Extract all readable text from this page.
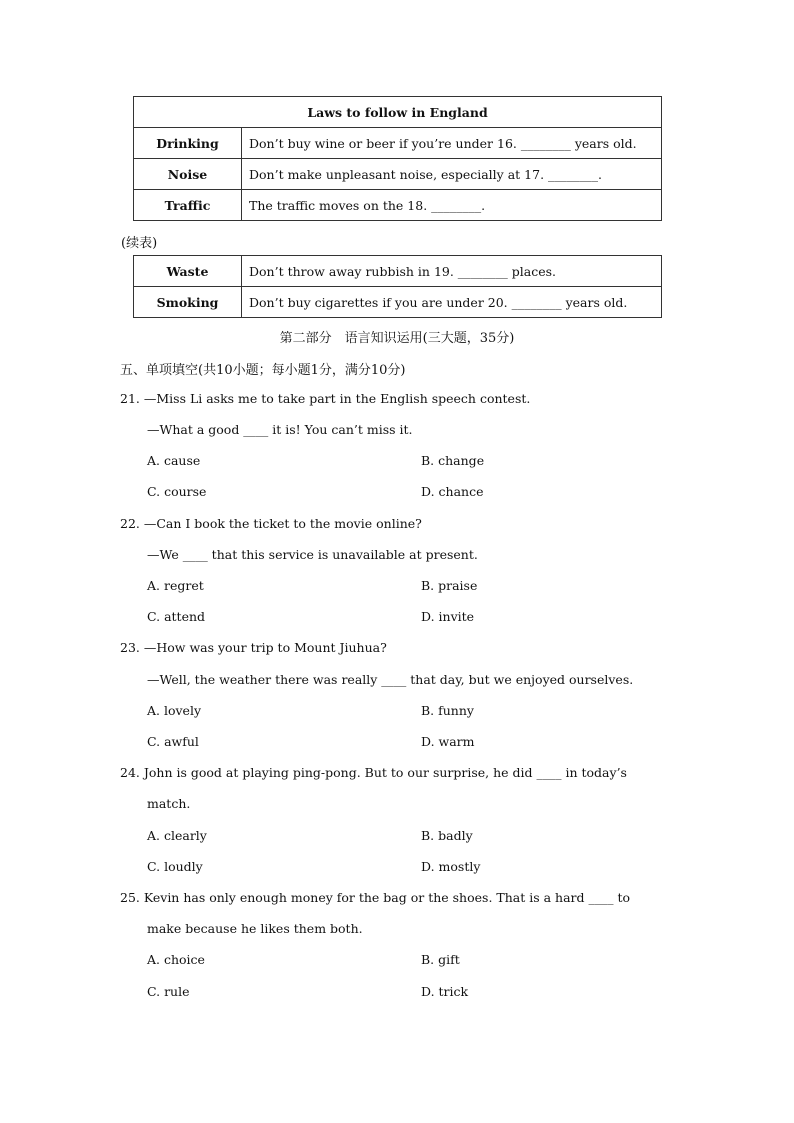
Laws to follow in England	
Drinking	Don’t buy wine or beer if you’re under 16. ________ years old.
Noise	Don’t make unpleasant noise, especially at 17. ________.
Traffic	The traffic moves on the 18. ________.
(续表)
Waste	Don’t throw away rubbish in 19. ________ places.
Smoking	Don’t buy cigarettes if you are under 20. ________ years old.
第二部分　语言知识运用(三大题，35分)
五、单项填空(共10小题；每小题1分，满分10分)
21. —Miss Li asks me to take part in the English speech contest.
—What a good ____ it is! You can’t miss it.
A. cause	B. change
C. course	D. chance
22. —Can I book the ticket to the movie online?
—We ____ that this service is unavailable at present.
A. regret	B. praise
C. attend	D. invite
23. —How was your trip to Mount Jiuhua?
—Well, the weather there was really ____ that day, but we enjoyed ourselves.
A. lovely	B. funny
C. awful	D. warm
24. John is good at playing ping-pong. But to our surprise, he did ____ in today’s
match.
A. clearly	B. badly
C. loudly	D. mostly
25. Kevin has only enough money for the bag or the shoes. That is a hard ____ to
make because he likes them both.
A. choice	B. gift
C. rule	D. trick
